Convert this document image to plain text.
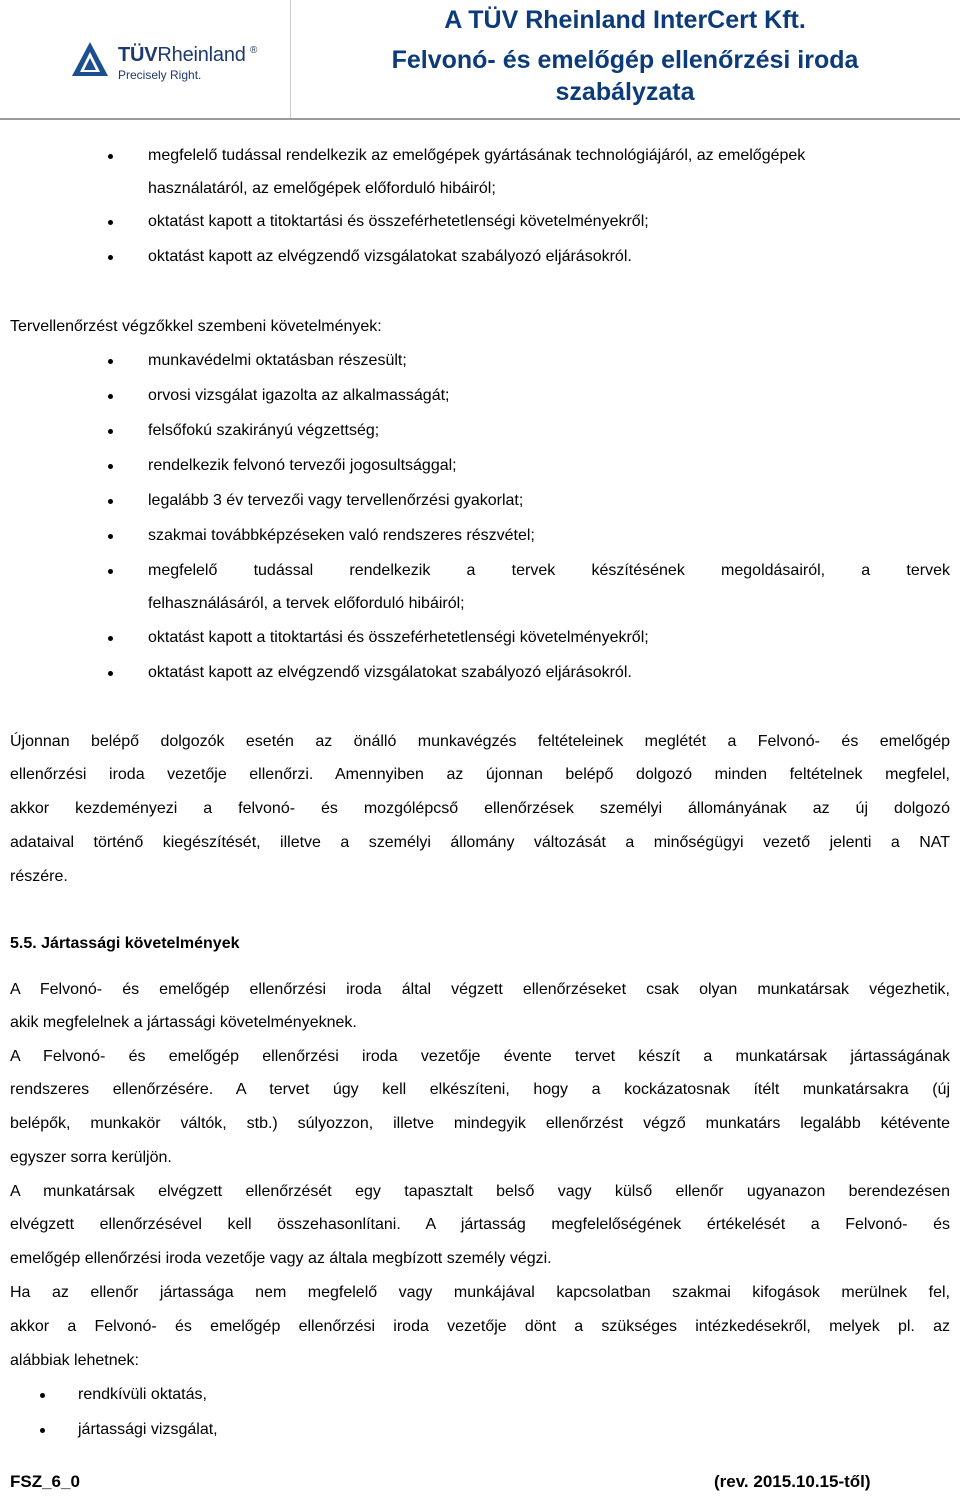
TÜVRheinland ®
Precisely Right.
A TÜV Rheinland InterCert Kft.
Felvonó- és emelőgép ellenőrzési iroda
szabályzata
megfelelő tudással rendelkezik az emelőgépek gyártásának technológiájáról, az emelőgépek
használatáról, az emelőgépek előforduló hibáiról;
oktatást kapott a titoktartási és összeférhetetlenségi követelményekről;
oktatást kapott az elvégzendő vizsgálatokat szabályozó eljárásokról.
Tervellenőrzést végzőkkel szembeni követelmények:
munkavédelmi oktatásban részesült;
orvosi vizsgálat igazolta az alkalmasságát;
felsőfokú szakirányú végzettség;
rendelkezik felvonó tervezői jogosultsággal;
legalább 3 év tervezői vagy tervellenőrzési gyakorlat;
szakmai továbbképzéseken való rendszeres részvétel;
megfelelő tudással rendelkezik a tervek készítésének megoldásairól, a tervek
felhasználásáról, a tervek előforduló hibáiról;
oktatást kapott a titoktartási és összeférhetetlenségi követelményekről;
oktatást kapott az elvégzendő vizsgálatokat szabályozó eljárásokról.
Újonnan belépő dolgozók esetén az önálló munkavégzés feltételeinek meglétét a Felvonó- és emelőgép
ellenőrzési iroda vezetője ellenőrzi. Amennyiben az újonnan belépő dolgozó minden feltételnek megfelel,
akkor kezdeményezi a felvonó- és mozgólépcső ellenőrzések személyi állományának az új dolgozó
adataival történő kiegészítését, illetve a személyi állomány változását a minőségügyi vezető jelenti a NAT
részére.
5.5. Jártassági követelmények
A Felvonó- és emelőgép ellenőrzési iroda által végzett ellenőrzéseket csak olyan munkatársak végezhetik,
akik megfelelnek a jártassági követelményeknek.
A Felvonó- és emelőgép ellenőrzési iroda vezetője évente tervet készít a munkatársak jártasságának
rendszeres ellenőrzésére. A tervet úgy kell elkészíteni, hogy a kockázatosnak ítélt munkatársakra (új
belépők, munkakör váltók, stb.) súlyozzon, illetve mindegyik ellenőrzést végző munkatárs legalább kétévente
egyszer sorra kerüljön.
A munkatársak elvégzett ellenőrzését egy tapasztalt belső vagy külső ellenőr ugyanazon berendezésen
elvégzett ellenőrzésével kell összehasonlítani. A jártasság megfelelőségének értékelését a Felvonó- és
emelőgép ellenőrzési iroda vezetője vagy az általa megbízott személy végzi.
Ha az ellenőr jártassága nem megfelelő vagy munkájával kapcsolatban szakmai kifogások merülnek fel,
akkor a Felvonó- és emelőgép ellenőrzési iroda vezetője dönt a szükséges intézkedésekről, melyek pl. az
alábbiak lehetnek:
rendkívüli oktatás,
jártassági vizsgálat,
FSZ_6_0	(rev. 2015.10.15-től)
